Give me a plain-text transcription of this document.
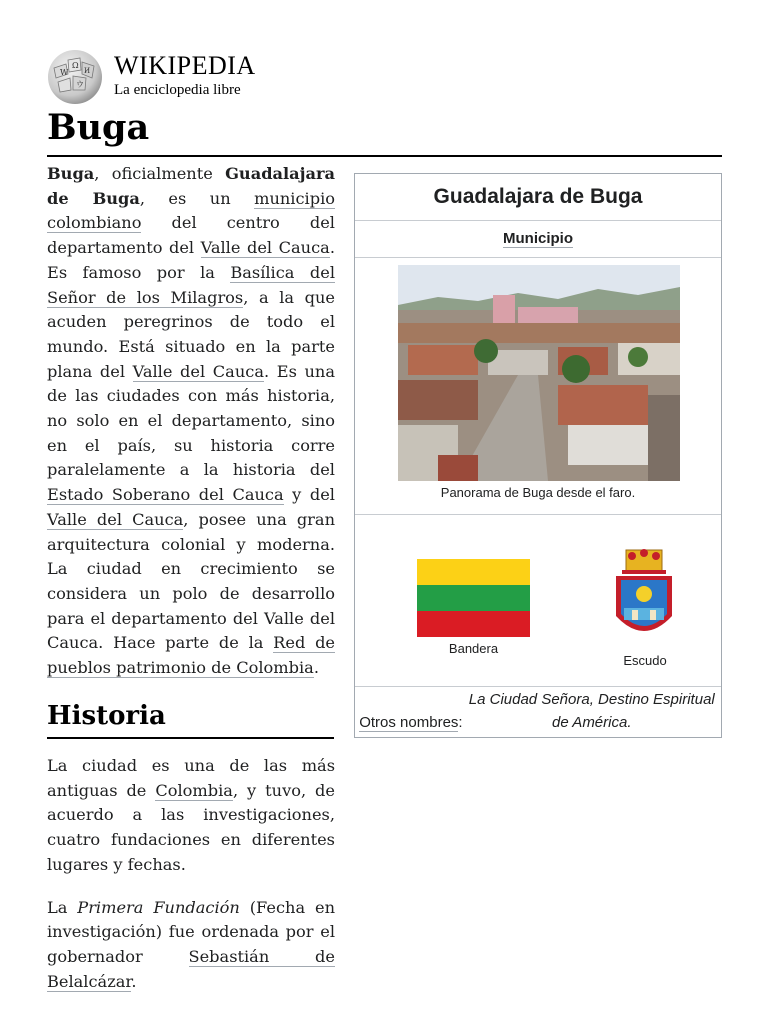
W
Ω
И
ウ
WIKIPEDIA
La enciclopedia libre
Buga

Buga, oficialmente Guadalajara de Buga, es un municipio colombiano del centro del departamento del Valle del Cauca. Es famoso por la Basílica del Señor de los Milagros, a la que acuden peregrinos de todo el mundo. Está situado en la parte plana del Valle del Cauca. Es una de las ciudades con más historia, no solo en el departamento, sino en el país, su historia corre paralelamente a la historia del Estado Soberano del Cauca y del Valle del Cauca, posee una gran arquitectura colonial y moderna. La ciudad en crecimiento se considera un polo de desarrollo para el departamento del Valle del Cauca. Hace parte de la Red de pueblos patrimonio de Colombia.

Historia

La ciudad es una de las más antiguas de Colombia, y tuvo, de acuerdo a las investigaciones, cuatro fundaciones en diferentes lugares y fechas.

La Primera Fundación (Fecha en investigación) fue ordenada por el gobernador Sebastián de Belalcázar.

Guadalajara de Buga
Municipio
Panorama de Buga desde el faro.
Bandera
Escudo
Otros nombres: La Ciudad Señora, Destino Espiritual de América.
